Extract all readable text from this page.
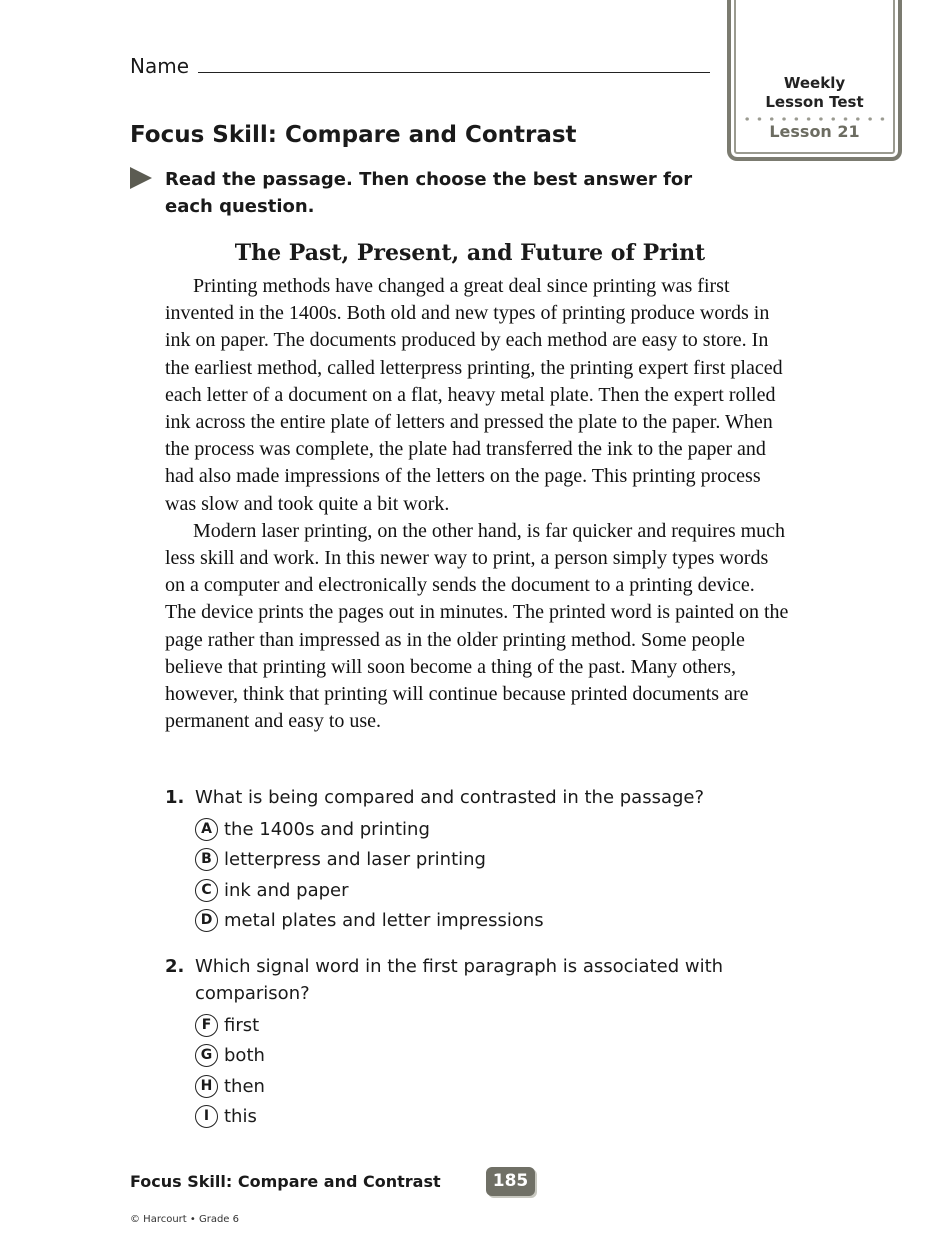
Name
Weekly
Lesson Test
Lesson 21
Focus Skill: Compare and Contrast
Read the passage. Then choose the best answer for each question.
The Past, Present, and Future of Print

Printing methods have changed a great deal since printing was first invented in the 1400s. Both old and new types of printing produce words in ink on paper. The documents produced by each method are easy to store. In the earliest method, called letterpress printing, the printing expert first placed each letter of a document on a flat, heavy metal plate. Then the expert rolled ink across the entire plate of letters and pressed the plate to the paper. When the process was complete, the plate had transferred the ink to the paper and had also made impressions of the letters on the page. This printing process was slow and took quite a bit work.

Modern laser printing, on the other hand, is far quicker and requires much less skill and work. In this newer way to print, a person simply types words on a computer and electronically sends the document to a printing device. The device prints the pages out in minutes. The printed word is painted on the page rather than impressed as in the older printing method. Some people believe that printing will soon become a thing of the past. Many others, however, think that printing will continue because printed documents are permanent and easy to use.

1. What is being compared and contrasted in the passage?
A the 1400s and printing
B letterpress and laser printing
C ink and paper
D metal plates and letter impressions
2. Which signal word in the first paragraph is associated with comparison?
F first
G both
H then
I this
Focus Skill: Compare and Contrast	185
© Harcourt • Grade 6
